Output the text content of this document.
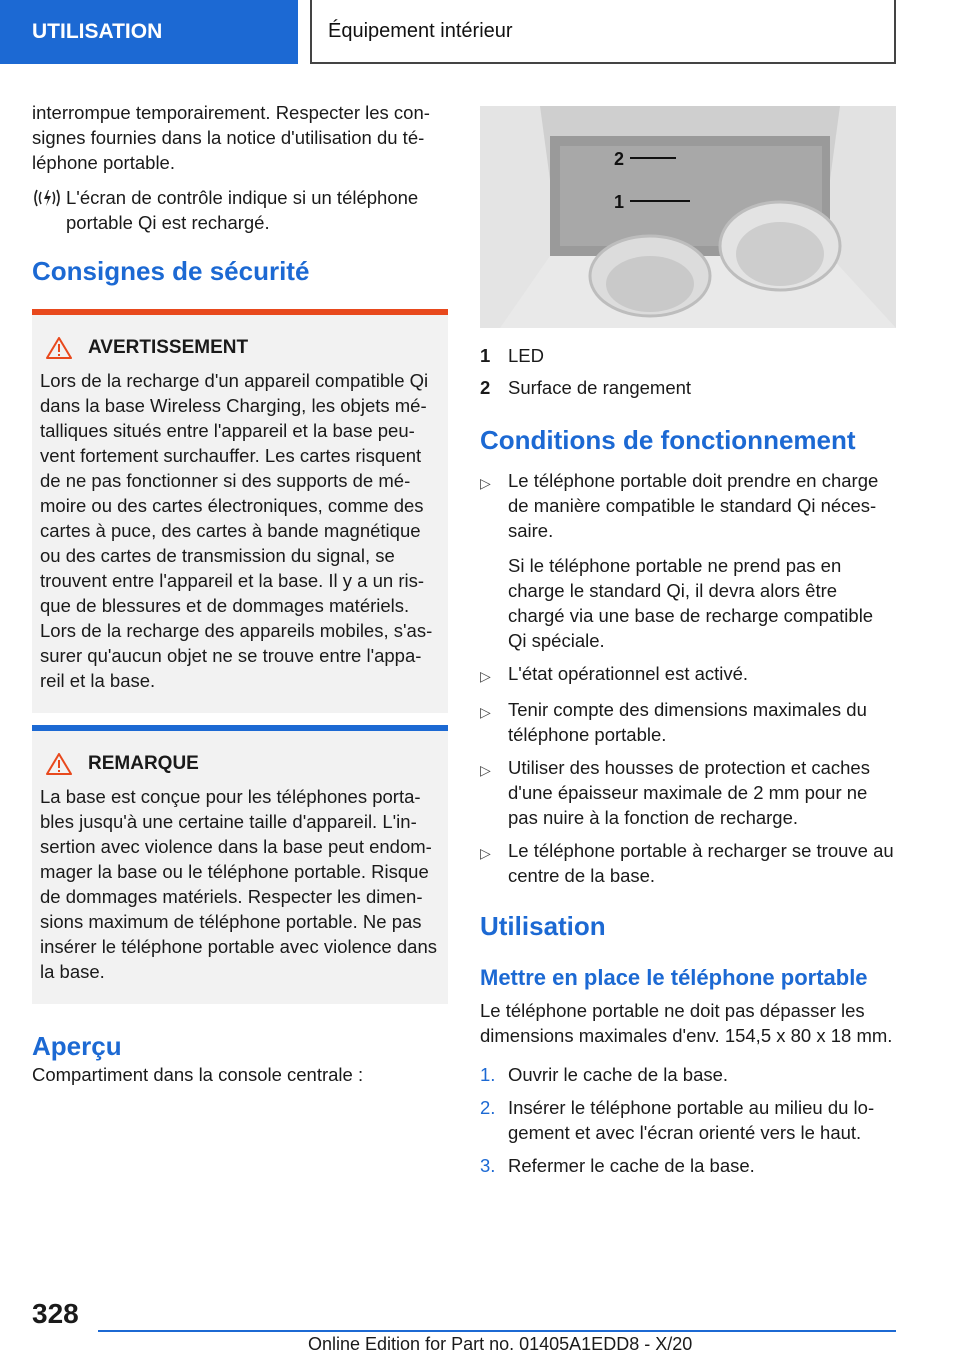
UTILISATION	Équipement intérieur

interrompue temporairement. Respecter les consignes fournies dans la notice d'utilisation du téléphone portable.

L'écran de contrôle indique si un téléphone portable Qi est rechargé.

Consignes de sécurité
AVERTISSEMENT
Lors de la recharge d'un appareil compatible Qi dans la base Wireless Charging, les objets métalliques situés entre l'appareil et la base peuvent fortement surchauffer. Les cartes risquent de ne pas fonctionner si des supports de mémoire ou des cartes électroniques, comme des cartes à puce, des cartes à bande magnétique ou des cartes de transmission du signal, se trouvent entre l'appareil et la base. Il y a un risque de blessures et de dommages matériels. Lors de la recharge des appareils mobiles, s'assurer qu'aucun objet ne se trouve entre l'appareil et la base.
REMARQUE
La base est conçue pour les téléphones portables jusqu'à une certaine taille d'appareil. L'insertion avec violence dans la base peut endommager la base ou le téléphone portable. Risque de dommages matériels. Respecter les dimensions maximum de téléphone portable. Ne pas insérer le téléphone portable avec violence dans la base.
Aperçu

Compartiment dans la console centrale :

2
1
1 LED
2 Surface de rangement
Conditions de fonctionnement
▷ Le téléphone portable doit prendre en charge de manière compatible le standard Qi nécessaire.
Si le téléphone portable ne prend pas en charge le standard Qi, il devra alors être chargé via une base de recharge compatible Qi spéciale.
▷ L'état opérationnel est activé.
▷ Tenir compte des dimensions maximales du téléphone portable.
▷ Utiliser des housses de protection et caches d'une épaisseur maximale de 2 mm pour ne pas nuire à la fonction de recharge.
▷ Le téléphone portable à recharger se trouve au centre de la base.
Utilisation
Mettre en place le téléphone portable

Le téléphone portable ne doit pas dépasser les dimensions maximales d'env. 154,5 x 80 x 18 mm.

1. Ouvrir le cache de la base.
2. Insérer le téléphone portable au milieu du logement et avec l'écran orienté vers le haut.
3. Refermer le cache de la base.
328
Online Edition for Part no. 01405A1EDD8 - X/20
